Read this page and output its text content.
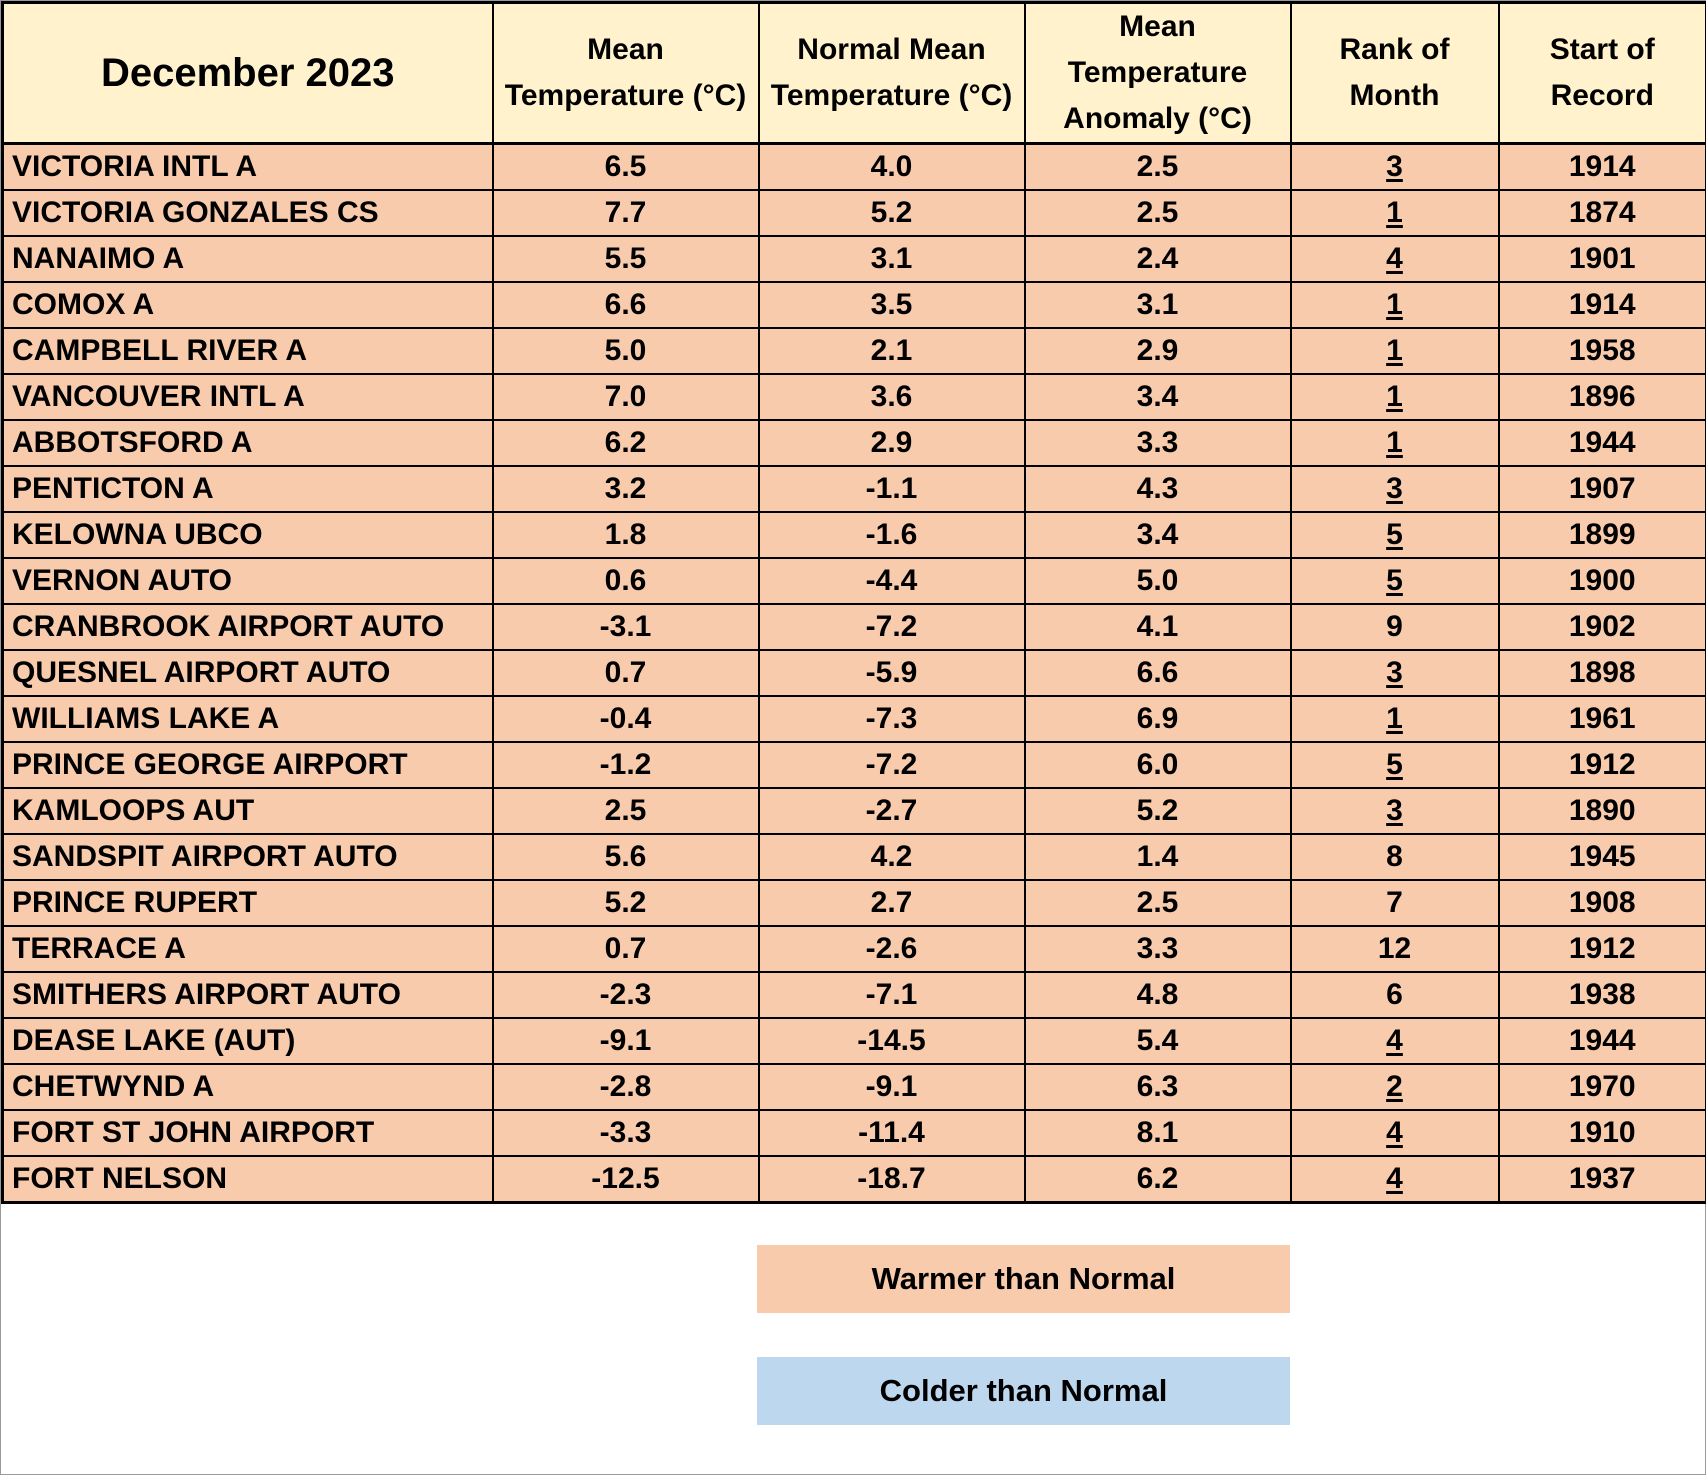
December 2023	Mean Temperature (°C)	Normal Mean Temperature (°C)	Mean Temperature Anomaly (°C)	Rank of Month	Start of Record
VICTORIA INTL A	6.5	4.0	2.5	3	1914
VICTORIA GONZALES CS	7.7	5.2	2.5	1	1874
NANAIMO A	5.5	3.1	2.4	4	1901
COMOX A	6.6	3.5	3.1	1	1914
CAMPBELL RIVER A	5.0	2.1	2.9	1	1958
VANCOUVER INTL A	7.0	3.6	3.4	1	1896
ABBOTSFORD A	6.2	2.9	3.3	1	1944
PENTICTON A	3.2	-1.1	4.3	3	1907
KELOWNA UBCO	1.8	-1.6	3.4	5	1899
VERNON AUTO	0.6	-4.4	5.0	5	1900
CRANBROOK AIRPORT AUTO	-3.1	-7.2	4.1	9	1902
QUESNEL AIRPORT AUTO	0.7	-5.9	6.6	3	1898
WILLIAMS LAKE A	-0.4	-7.3	6.9	1	1961
PRINCE GEORGE AIRPORT	-1.2	-7.2	6.0	5	1912
KAMLOOPS AUT	2.5	-2.7	5.2	3	1890
SANDSPIT AIRPORT AUTO	5.6	4.2	1.4	8	1945
PRINCE RUPERT	5.2	2.7	2.5	7	1908
TERRACE A	0.7	-2.6	3.3	12	1912
SMITHERS AIRPORT AUTO	-2.3	-7.1	4.8	6	1938
DEASE LAKE (AUT)	-9.1	-14.5	5.4	4	1944
CHETWYND A	-2.8	-9.1	6.3	2	1970
FORT ST JOHN AIRPORT	-3.3	-11.4	8.1	4	1910
FORT NELSON	-12.5	-18.7	6.2	4	1937
Warmer than Normal
Colder than Normal
